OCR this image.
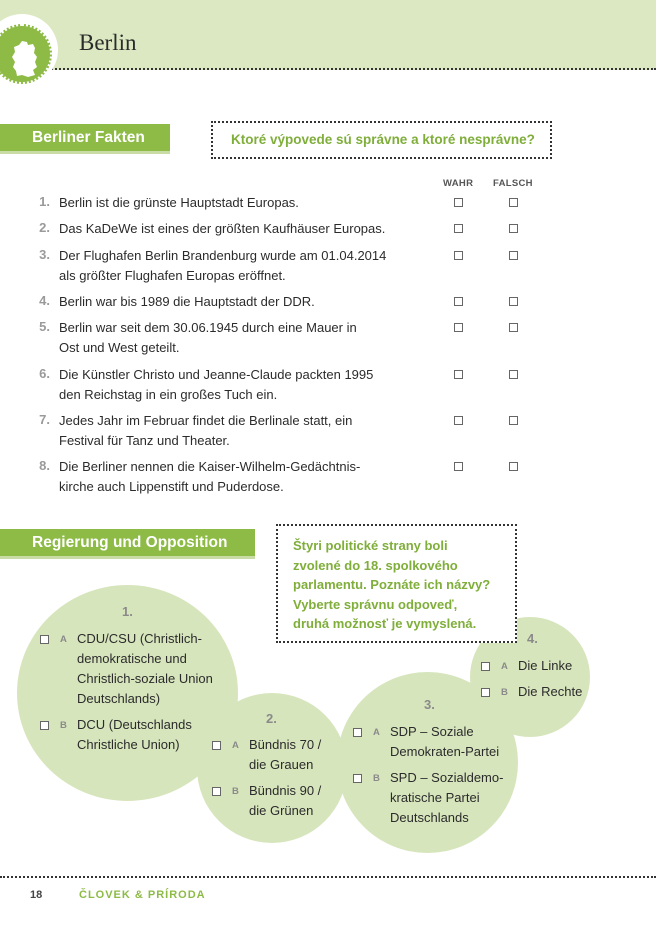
Berlin
Berliner Fakten	Ktoré výpovede sú správne a ktoré nesprávne?
WAHR FALSCH
1. Berlin ist die grünste Hauptstadt Europas.
2. Das KaDeWe ist eines der größten Kaufhäuser Europas.
3. Der Flughafen Berlin Brandenburg wurde am 01.04.2014
als größter Flughafen Europas eröffnet.
4. Berlin war bis 1989 die Hauptstadt der DDR.
5. Berlin war seit dem 30.06.1945 durch eine Mauer in
Ost und West geteilt.
6. Die Künstler Christo und Jeanne-Claude packten 1995
den Reichstag in ein großes Tuch ein.
7. Jedes Jahr im Februar findet die Berlinale statt, ein
Festival für Tanz und Theater.
8. Die Berliner nennen die Kaiser-Wilhelm-Gedächtnis-
kirche auch Lippenstift und Puderdose.
Regierung und Opposition	Štyri politické strany boli
zvolené do 18. spolkového
parlamentu. Poznáte ich názvy?
Vyberte správnu odpoveď,
druhá možnosť je vymyslená.
1.
A CDU/CSU (Christlich-
demokratische und
Christlich-soziale Union
Deutschlands)
B DCU (Deutschlands
Christliche Union)
2.
A Bündnis 70 /
die Grauen
B Bündnis 90 /
die Grünen
3.
A SDP – Soziale
Demokraten-Partei
B SPD – Sozialdemo-
kratische Partei
Deutschlands
4.
A Die Linke
B Die Rechte
18	ČLOVEK & PRÍRODA
